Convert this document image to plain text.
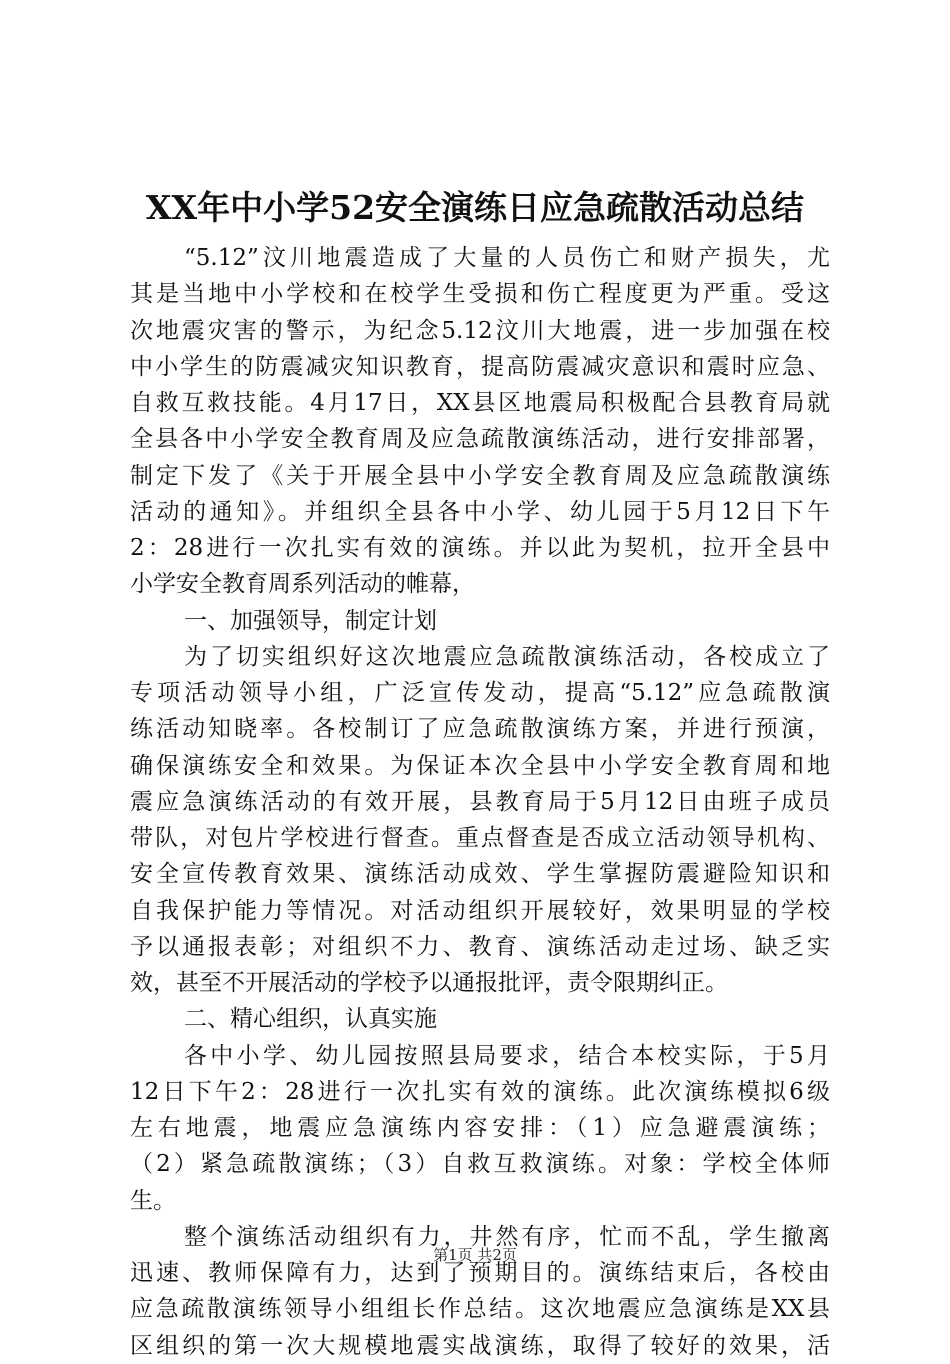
XX年中小学52安全演练日应急疏散活动总结
“5.12”汶川地震造成了大量的人员伤亡和财产损失，尤
其是当地中小学校和在校学生受损和伤亡程度更为严重。受这
次地震灾害的警示，为纪念5.12汶川大地震，进一步加强在校
中小学生的防震减灾知识教育，提高防震减灾意识和震时应急、
自救互救技能。4月17日，XX县区地震局积极配合县教育局就
全县各中小学安全教育周及应急疏散演练活动，进行安排部署，
制定下发了《关于开展全县中小学安全教育周及应急疏散演练
活动的通知》。并组织全县各中小学、幼儿园于5月12日下午
2：28进行一次扎实有效的演练。并以此为契机，拉开全县中
小学安全教育周系列活动的帷幕，
一、加强领导，制定计划
为了切实组织好这次地震应急疏散演练活动，各校成立了
专项活动领导小组，广泛宣传发动，提高“5.12”应急疏散演
练活动知晓率。各校制订了应急疏散演练方案，并进行预演，
确保演练安全和效果。为保证本次全县中小学安全教育周和地
震应急演练活动的有效开展，县教育局于5月12日由班子成员
带队，对包片学校进行督查。重点督查是否成立活动领导机构、
安全宣传教育效果、演练活动成效、学生掌握防震避险知识和
自我保护能力等情况。对活动组织开展较好，效果明显的学校
予以通报表彰；对组织不力、教育、演练活动走过场、缺乏实
效，甚至不开展活动的学校予以通报批评，责令限期纠正。
二、精心组织，认真实施
各中小学、幼儿园按照县局要求，结合本校实际，于5月
12日下午2：28进行一次扎实有效的演练。此次演练模拟6级
左右地震，地震应急演练内容安排：（1）应急避震演练；
（2）紧急疏散演练；（3）自救互救演练。对象：学校全体师
生。
整个演练活动组织有力，井然有序，忙而不乱，学生撤离
迅速、教师保障有力，达到了预期目的。演练结束后，各校由
应急疏散演练领导小组组长作总结。这次地震应急演练是XX县
区组织的第一次大规模地震实战演练，取得了较好的效果，活
第1页 共2页
